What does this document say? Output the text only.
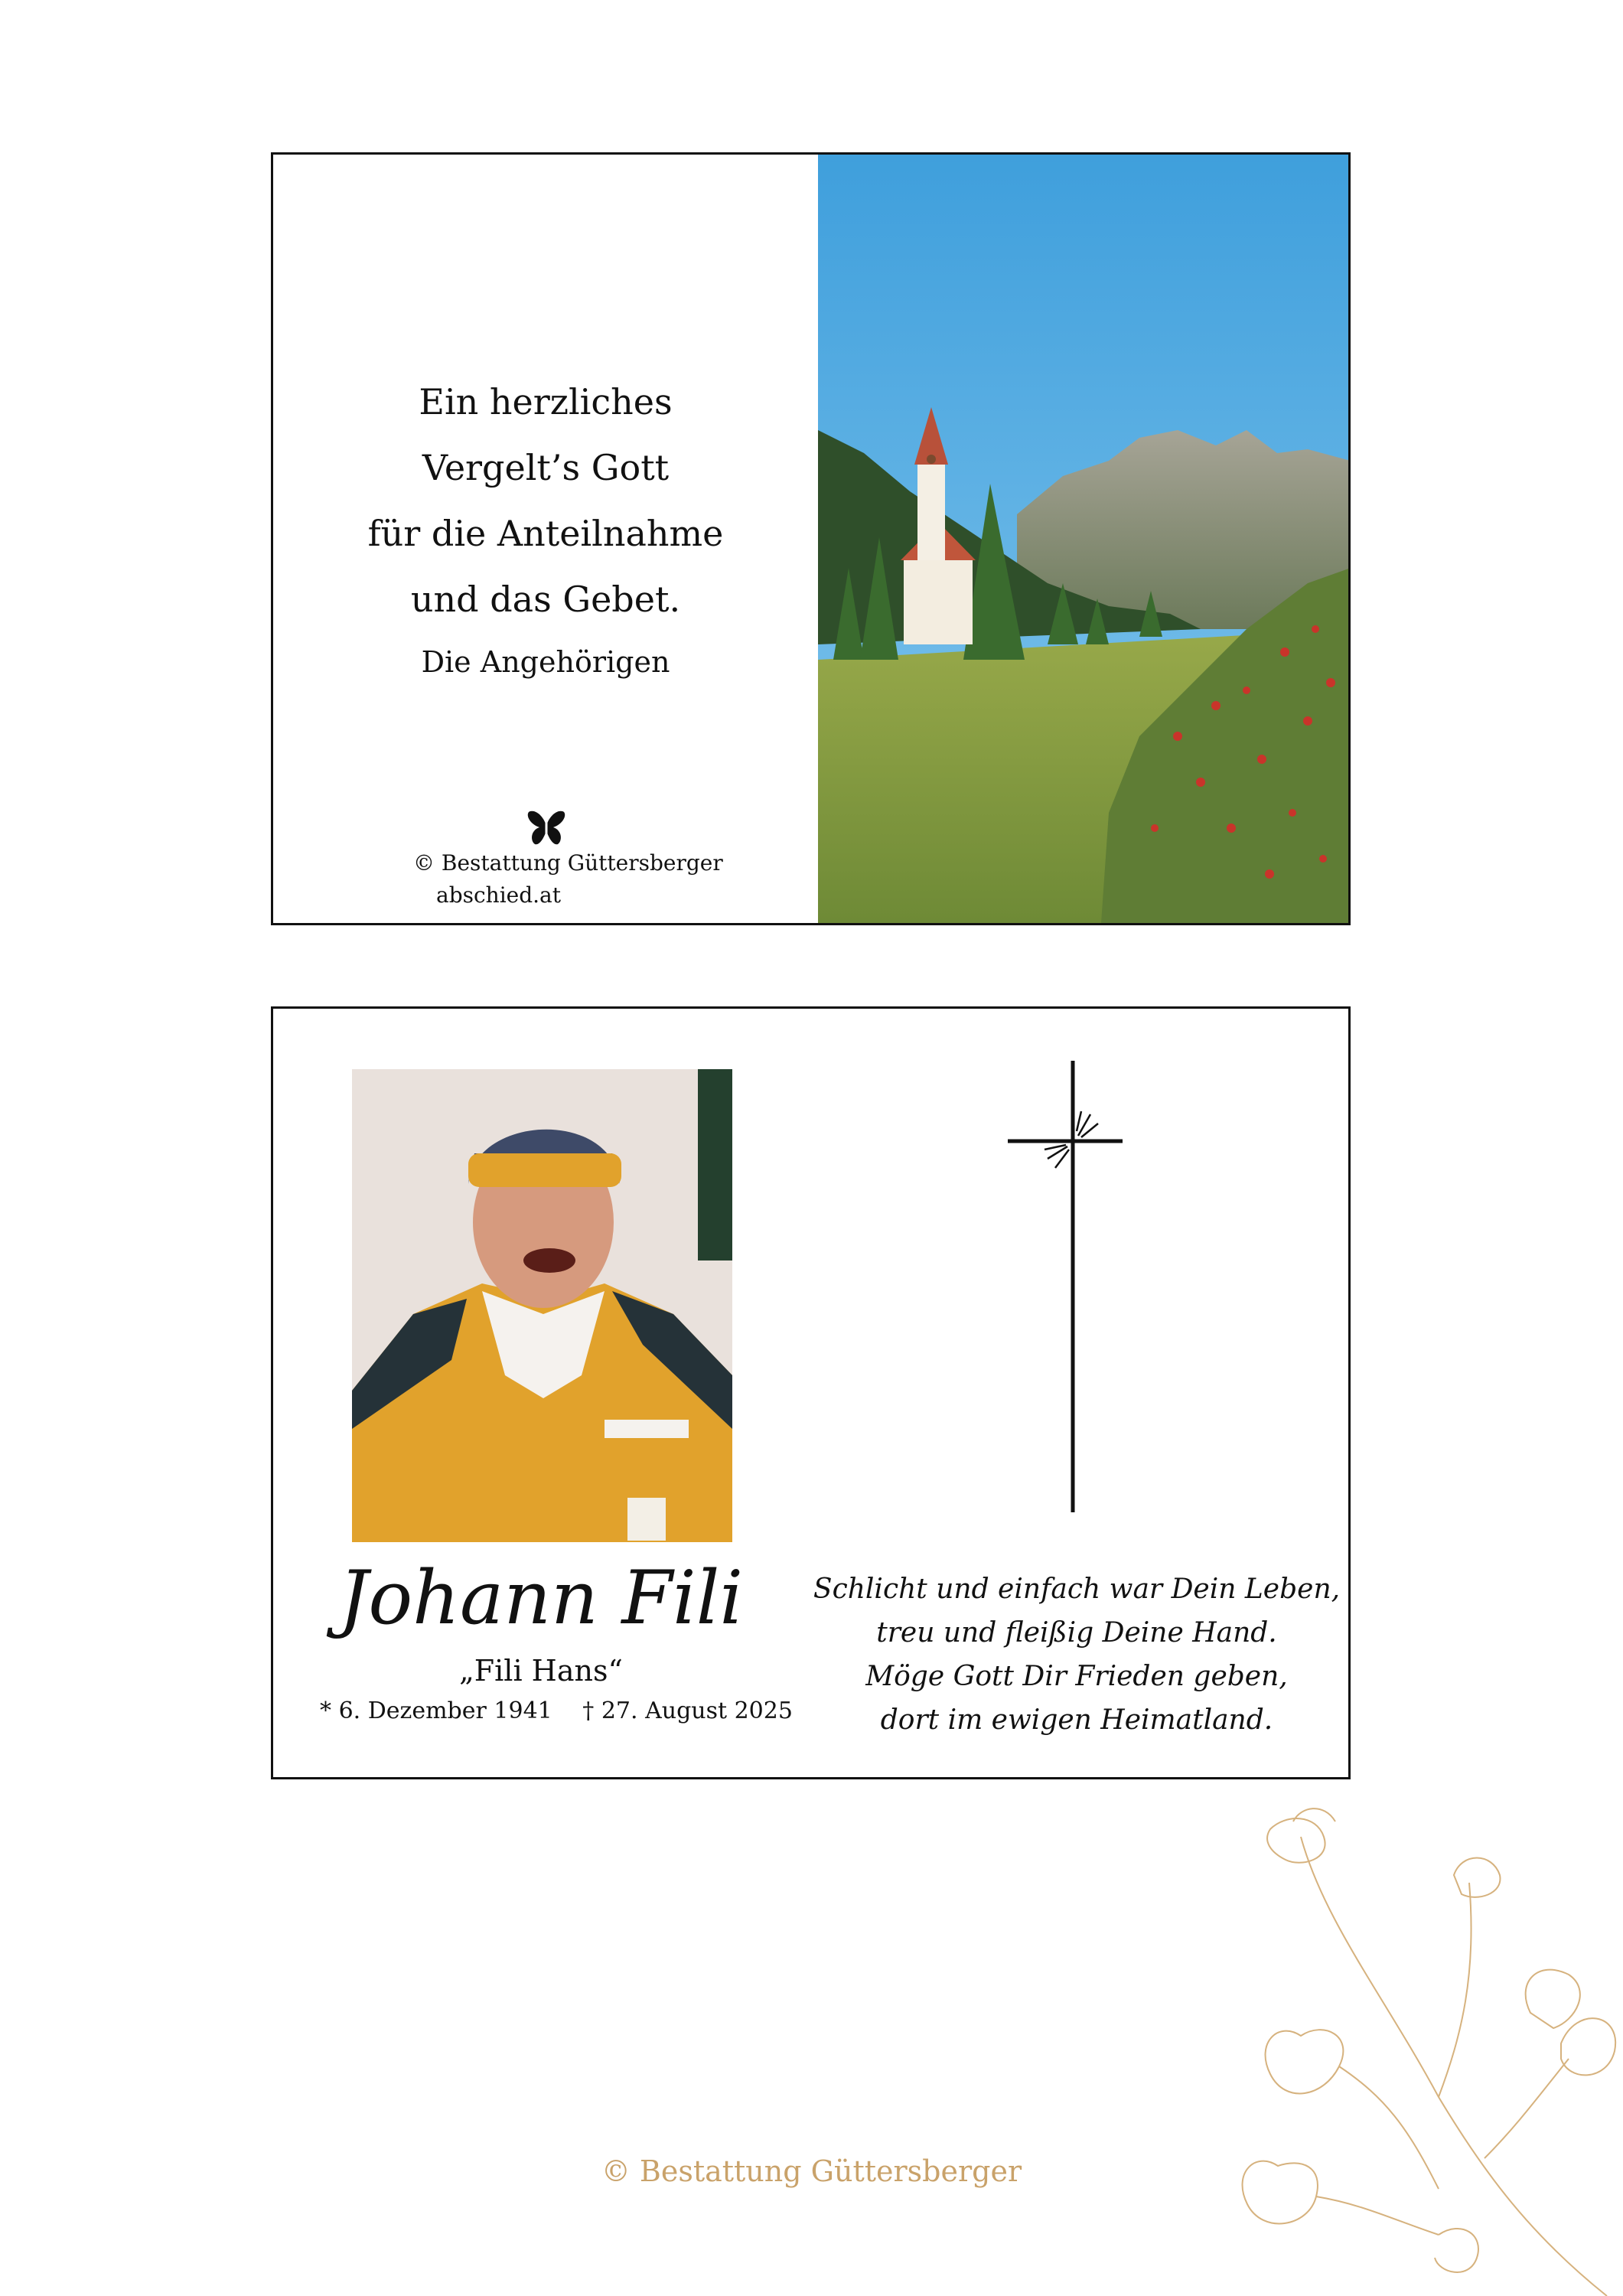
Ein herzliches
Vergelt’s Gott
für die Anteilnahme
und das Gebet.
Die Angehörigen
© Bestattung Güttersberger
abschied.at
Johann Fili
„Fili Hans“
* 6. Dezember 1941 † 27. August 2025
Schlicht und einfach war Dein Leben,
treu und fleißig Deine Hand.
Möge Gott Dir Frieden geben,
dort im ewigen Heimatland.
© Bestattung Güttersberger
